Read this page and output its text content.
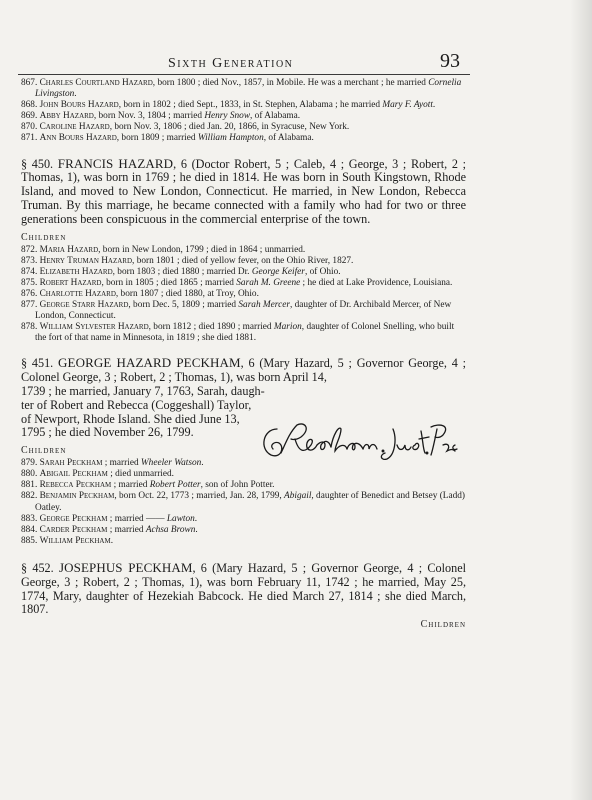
Sixth Generation	93
867. Charles Courtland Hazard, born 1800 ; died Nov., 1857, in Mobile. He was a merchant ; he married Cornelia Livingston.
868. John Bours Hazard, born in 1802 ; died Sept., 1833, in St. Stephen, Alabama ; he married Mary F. Ayott.
869. Abby Hazard, born Nov. 3, 1804 ; married Henry Snow, of Alabama.
870. Caroline Hazard, born Nov. 3, 1806 ; died Jan. 20, 1866, in Syracuse, New York.
871. Ann Bours Hazard, born 1809 ; married William Hampton, of Alabama.

§ 450. FRANCIS HAZARD, 6 (Doctor Robert, 5 ; Caleb, 4 ; George, 3 ; Robert, 2 ; Thomas, 1), was born in 1769 ; he died in 1814. He was born in South Kingstown, Rhode Island, and moved to New London, Connecticut. He married, in New London, Rebecca Truman. By this marriage, he became connected with a family who had for two or three generations been conspicuous in the commercial enterprise of the town.

Children
872. Maria Hazard, born in New London, 1799 ; died in 1864 ; unmarried.
873. Henry Truman Hazard, born 1801 ; died of yellow fever, on the Ohio River, 1827.
874. Elizabeth Hazard, born 1803 ; died 1880 ; married Dr. George Keifer, of Ohio.
875. Robert Hazard, born in 1805 ; died 1865 ; married Sarah M. Greene ; he died at Lake Providence, Louisiana.
876. Charlotte Hazard, born 1807 ; died 1880, at Troy, Ohio.
877. George Starr Hazard, born Dec. 5, 1809 ; married Sarah Mercer, daughter of Dr. Archibald Mercer, of New London, Connecticut.
878. William Sylvester Hazard, born 1812 ; died 1890 ; married Marion, daughter of Colonel Snelling, who built the fort of that name in Minnesota, in 1819 ; she died 1881.

§ 451. GEORGE HAZARD PECKHAM, 6 (Mary Hazard, 5 ; Governor George, 4 ; Colonel George, 3 ; Robert, 2 ; Thomas, 1), was born April 14,

1739 ; he married, January 7, 1763, Sarah, daugh-
ter of Robert and Rebecca (Coggeshall) Taylor,
of Newport, Rhode Island. She died June 13,
1795 ; he died November 26, 1799.
Children
879. Sarah Peckham ; married Wheeler Watson.
880. Abigail Peckham ; died unmarried.
881. Rebecca Peckham ; married Robert Potter, son of John Potter.
882. Benjamin Peckham, born Oct. 22, 1773 ; married, Jan. 28, 1799, Abigail, daughter of Benedict and Betsey (Ladd) Oatley.
883. George Peckham ; married —— Lawton.
884. Carder Peckham ; married Achsa Brown.
885. William Peckham.

§ 452. JOSEPHUS PECKHAM, 6 (Mary Hazard, 5 ; Governor George, 4 ; Colonel George, 3 ; Robert, 2 ; Thomas, 1), was born February 11, 1742 ; he married, May 25, 1774, Mary, daughter of Hezekiah Babcock. He died March 27, 1814 ; she died March, 1807.

Children
